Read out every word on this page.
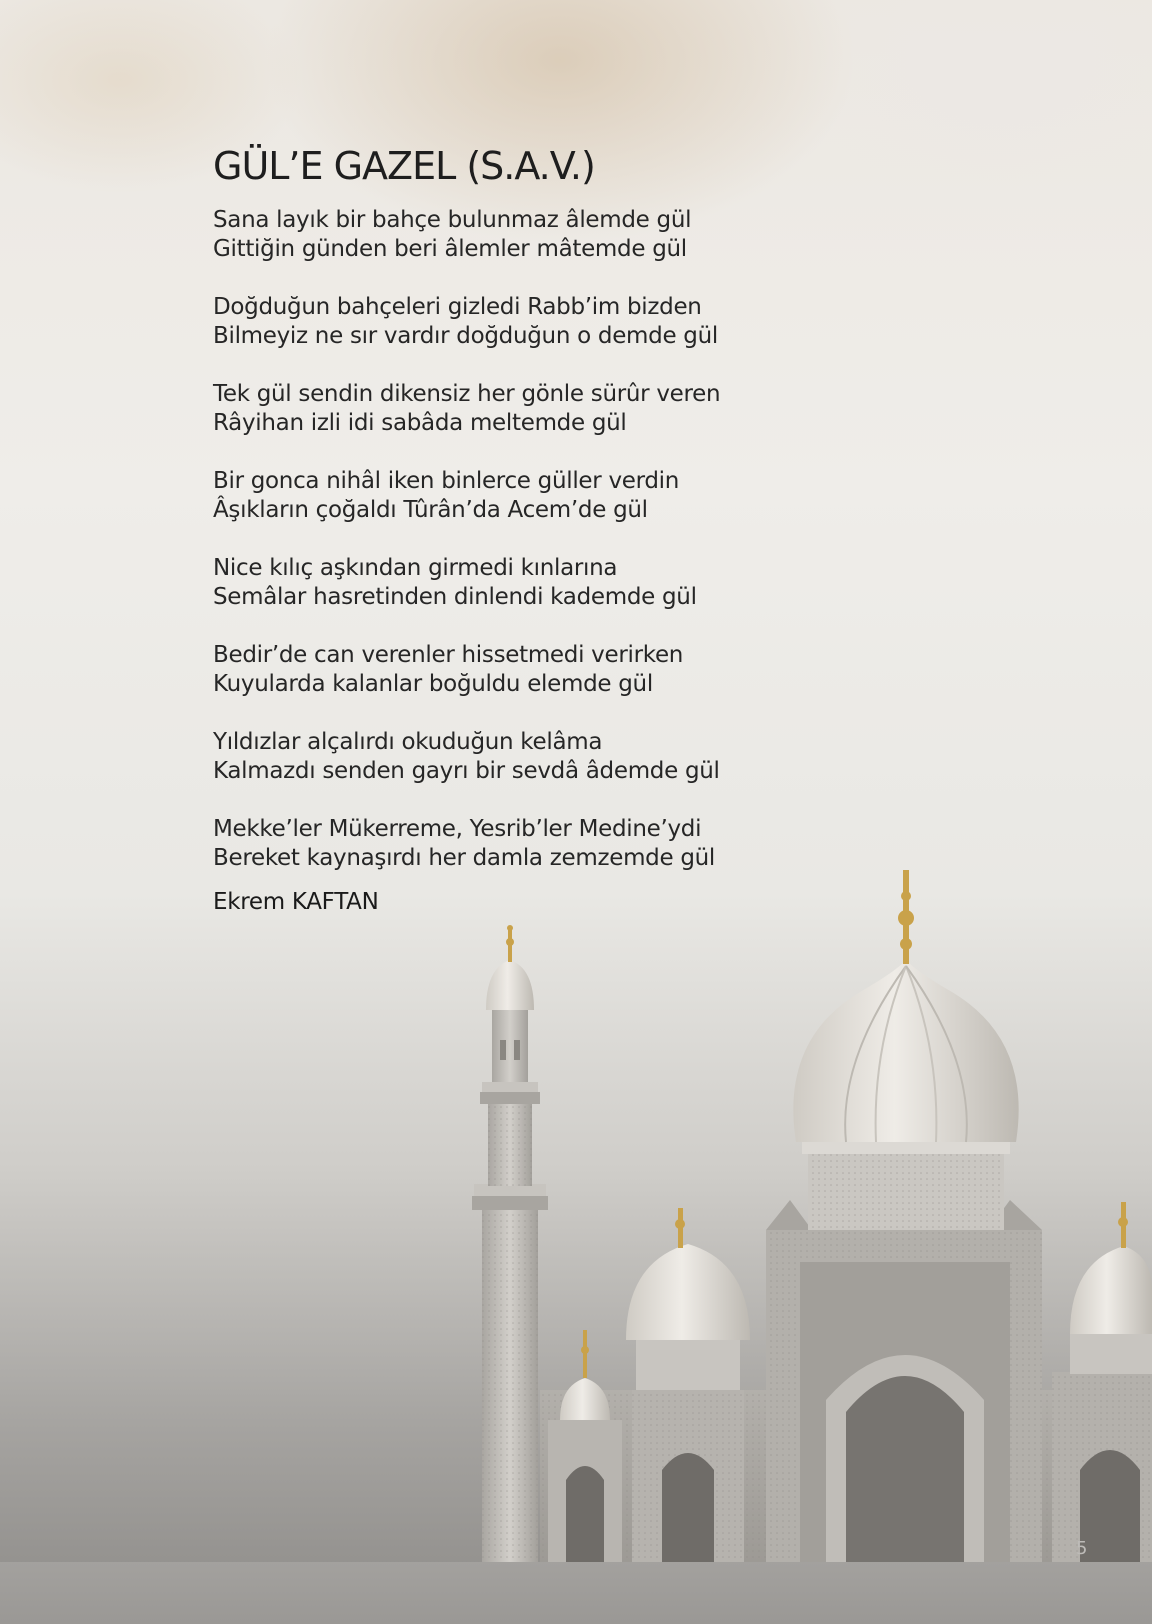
GÜL’E GAZEL (S.A.V.)
Sana layık bir bahçe bulunmaz âlemde gül
Gittiğin günden beri âlemler mâtemde gül
Doğduğun bahçeleri gizledi Rabb’im bizden
Bilmeyiz ne sır vardır doğduğun o demde gül
Tek gül sendin dikensiz her gönle sürûr veren
Râyihan izli idi sabâda meltemde gül
Bir gonca nihâl iken binlerce güller verdin
Âşıkların çoğaldı Tûrân’da Acem’de gül
Nice kılıç aşkından girmedi kınlarına
Semâlar hasretinden dinlendi kademde gül
Bedir’de can verenler hissetmedi verirken
Kuyularda kalanlar boğuldu elemde gül
Yıldızlar alçalırdı okuduğun kelâma
Kalmazdı senden gayrı bir sevdâ âdemde gül
Mekke’ler Mükerreme, Yesrib’ler Medine’ydi
Bereket kaynaşırdı her damla zemzemde gül
Ekrem KAFTAN
5
